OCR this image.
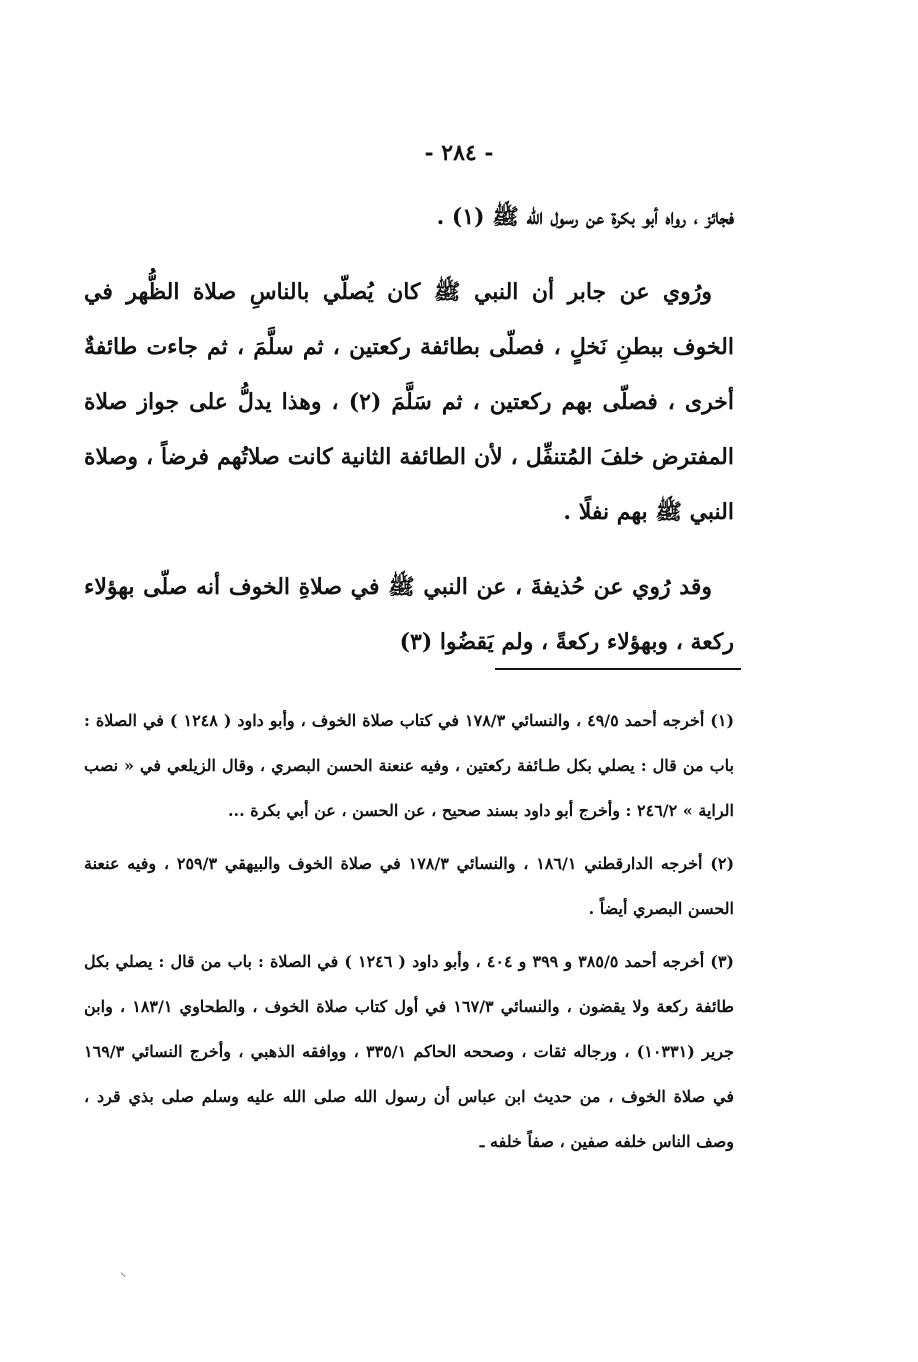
- ٢٨٤ -

فجائز ، رواه أبو بكرة عن رسول الله ﷺ (١) .

ورُوي عن جابر أن النبي ﷺ كان يُصلّي بالناسِ صلاة الظُّهر في الخوف ببطنِ نَخلٍ ، فصلّى بطائفة ركعتين ، ثم سلَّمَ ، ثم جاءت طائفةٌ أخرى ، فصلّى بهم ركعتين ، ثم سَلَّمَ (٢) ، وهذا يدلُّ على جواز صلاة المفترض خلفَ المُتنفِّل ، لأن الطائفة الثانية كانت صلاتُهم فرضاً ، وصلاة النبي ﷺ بهم نفلًا .

وقد رُوي عن حُذيفةَ ، عن النبي ﷺ في صلاةِ الخوف أنه صلّى بهؤلاء ركعة ، وبهؤلاء ركعةً ، ولم يَقضُوا (٣)

(١) أخرجه أحمد ٤٩/٥ ، والنسائي ١٧٨/٣ في كتاب صلاة الخوف ، وأبو داود ( ١٢٤٨ ) في الصلاة : باب من قال : يصلي بكل طـائفة ركعتين ، وفيه عنعنة الحسن البصري ، وقال الزيلعي في « نصب الراية » ٢٤٦/٢ : وأخرج أبو داود بسند صحيح ، عن الحسن ، عن أبي بكرة ...

(٢) أخرجه الدارقطني ١٨٦/١ ، والنسائي ١٧٨/٣ في صلاة الخوف والبيهقي ٢٥٩/٣ ، وفيه عنعنة الحسن البصري أيضاً .

(٣) أخرجه أحمد ٣٨٥/٥ و ٣٩٩ و ٤٠٤ ، وأبو داود ( ١٢٤٦ ) في الصلاة : باب من قال : يصلي بكل طائفة ركعة ولا يقضون ، والنسائي ١٦٧/٣ في أول كتاب صلاة الخوف ، والطحاوي ١٨٣/١ ، وابن جرير (١٠٣٣١) ، ورجاله ثقات ، وصححه الحاكم ٣٣٥/١ ، ووافقه الذهبي ، وأخرج النسائي ١٦٩/٣ في صلاة الخوف ، من حديث ابن عباس أن رسول الله صلى الله عليه وسلم صلى بذي قرد ، وصف الناس خلفه صفين ، صفاً خلفه ـ

⸌
